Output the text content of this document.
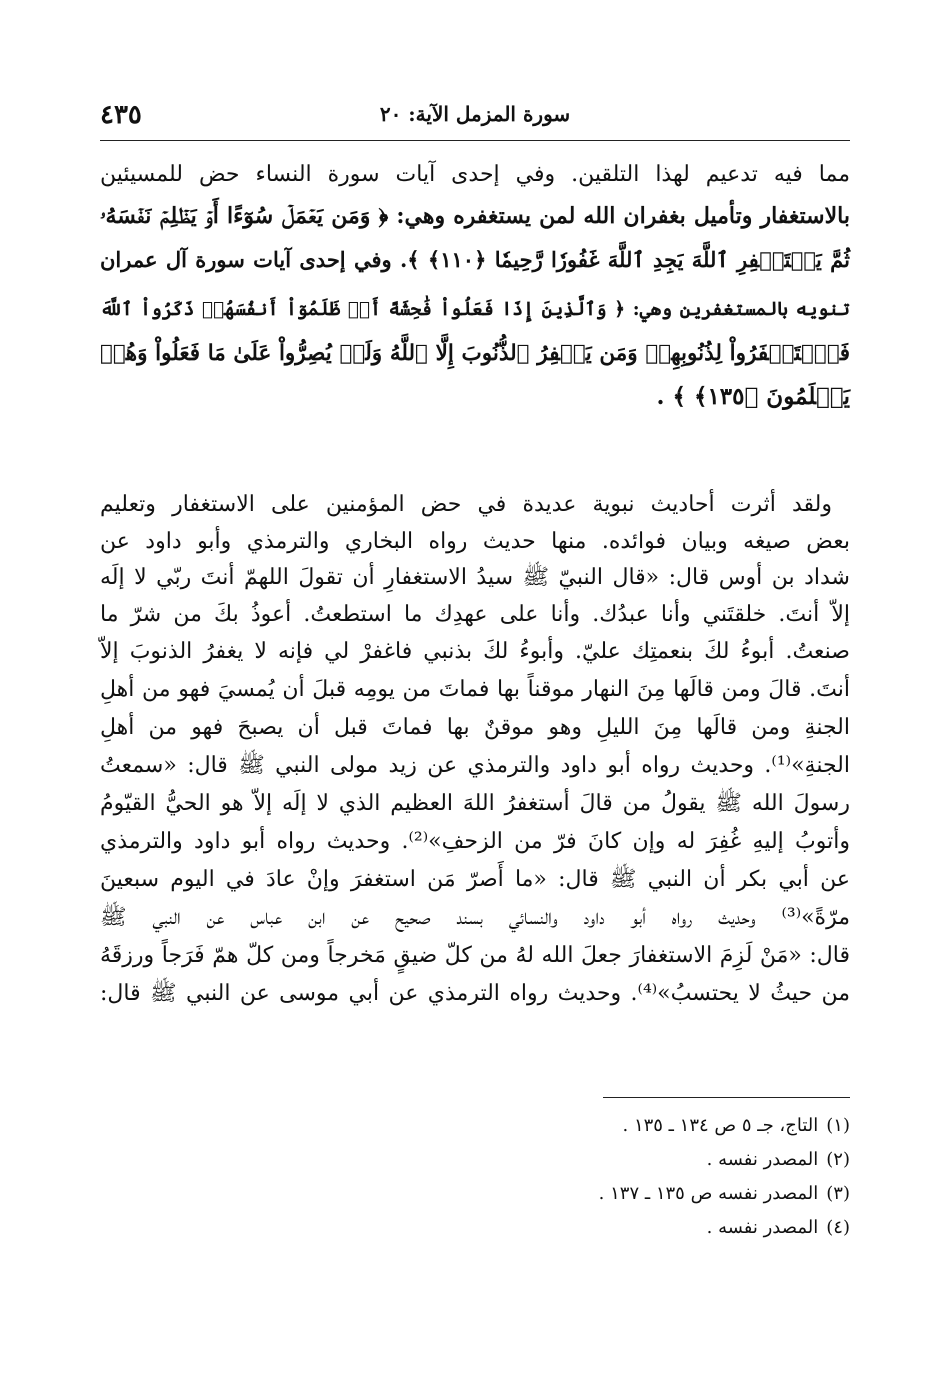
سورة المزمل الآية: ٢٠
٤٣٥
مما فيه تدعيم لهذا التلقين. وفي إحدى آيات سورة النساء حض للمسيئين
بالاستغفار وتأميل بغفران الله لمن يستغفره وهي: ﴿ وَمَن يَعۡمَلۡ سُوٓءًا أَوۡ يَظۡلِمۡ نَفۡسَهُۥ
ثُمَّ يَسۡتَغۡفِرِ ٱللَّهَ يَجِدِ ٱللَّهَ غَفُورٗا رَّحِيمٗا ﴿١١٠﴾ ﴾. وفي إحدى آيات سورة آل عمران
تنويه بالمستغفرين وهي: ﴿ وَٱلَّذِينَ إِذَا فَعَلُواْ فَٰحِشَةً أَوۡ ظَلَمُوٓاْ أَنفُسَهُمۡ ذَكَرُواْ ٱللَّهَ
فَٱسۡتَغۡفَرُواْ لِذُنُوبِهِمۡ وَمَن يَغۡفِرُ ٱلذُّنُوبَ إِلَّا ٱللَّهُ وَلَمۡ يُصِرُّواْ عَلَىٰ مَا فَعَلُواْ وَهُمۡ
يَعۡلَمُونَ ﴿١٣٥﴾ ﴾ .
ولقد أثرت أحاديث نبوية عديدة في حض المؤمنين على الاستغفار وتعليم
بعض صيغه وبيان فوائده. منها حديث رواه البخاري والترمذي وأبو داود عن
شداد بن أوس قال: «قال النبيّ ﷺ سيدُ الاستغفارِ أن تقولَ اللهمّ أنتَ ربّي لا إلَه
إلاّ أنتَ. خلقتَني وأنا عبدُك. وأنا على عهدِك ما استطعتُ. أعوذُ بكَ من شرّ ما
صنعتُ. أبوءُ لكَ بنعمتِك عليّ. وأبوءُ لكَ بذنبي فاغفرْ لي فإنه لا يغفرُ الذنوبَ إلاّ
أنتَ. قالَ ومن قالَها مِنَ النهار موقناً بها فماتَ من يومِه قبلَ أن يُمسيَ فهو من أهلِ
الجنةِ ومن قالَها مِنَ الليلِ وهو موقنٌ بها فماتَ قبل أن يصبحَ فهو من أهلِ
الجنةِ»⁽¹⁾. وحديث رواه أبو داود والترمذي عن زيد مولى النبي ﷺ قال: «سمعتُ
رسولَ الله ﷺ يقولُ من قالَ أستغفرُ اللهَ العظيم الذي لا إلَه إلاّ هو الحيُّ القيّومُ
وأتوبُ إليهِ غُفِرَ له وإن كانَ فرّ من الزحفِ»⁽²⁾. وحديث رواه أبو داود والترمذي
عن أبي بكر أن النبي ﷺ قال: «ما أَصرّ مَن استغفرَ وإنْ عادَ في اليوم سبعينَ
مرّةً»⁽³⁾ وحديث رواه أبو داود والنسائي بسند صحيح عن ابن عباس عن النبي ﷺ
قال: «مَنْ لَزِمَ الاستغفارَ جعلَ الله لهُ من كلّ ضيقٍ مَخرجاً ومن كلّ همّ فَرَجاً ورزقَهُ
من حيثُ لا يحتسبُ»⁽⁴⁾. وحديث رواه الترمذي عن أبي موسى عن النبي ﷺ قال:
(١)التاج، جـ ٥ ص ١٣٤ ـ ١٣٥ .
(٢)المصدر نفسه .
(٣)المصدر نفسه ص ١٣٥ ـ ١٣٧ .
(٤)المصدر نفسه .
